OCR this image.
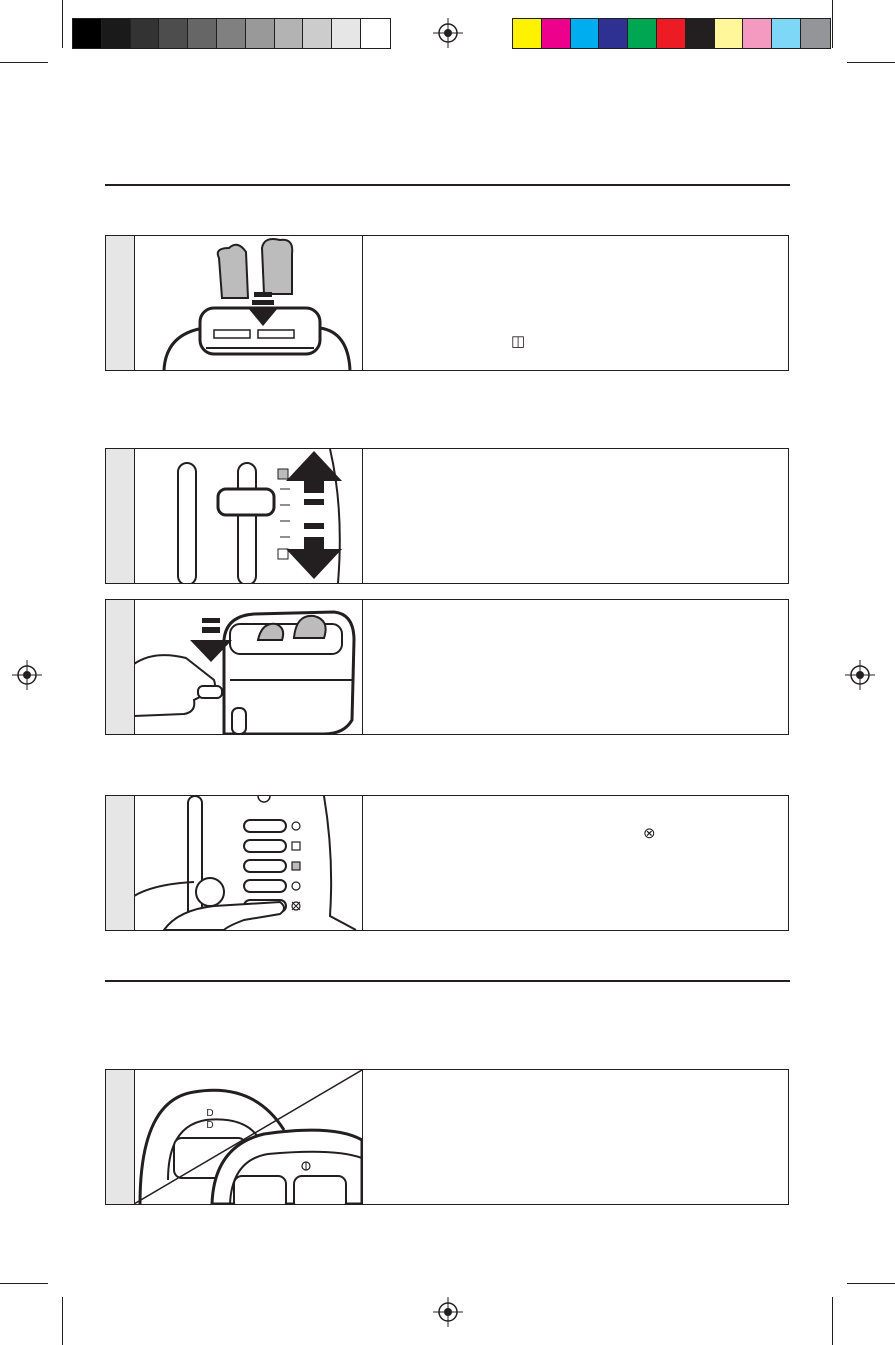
◫
⊗
D
D
